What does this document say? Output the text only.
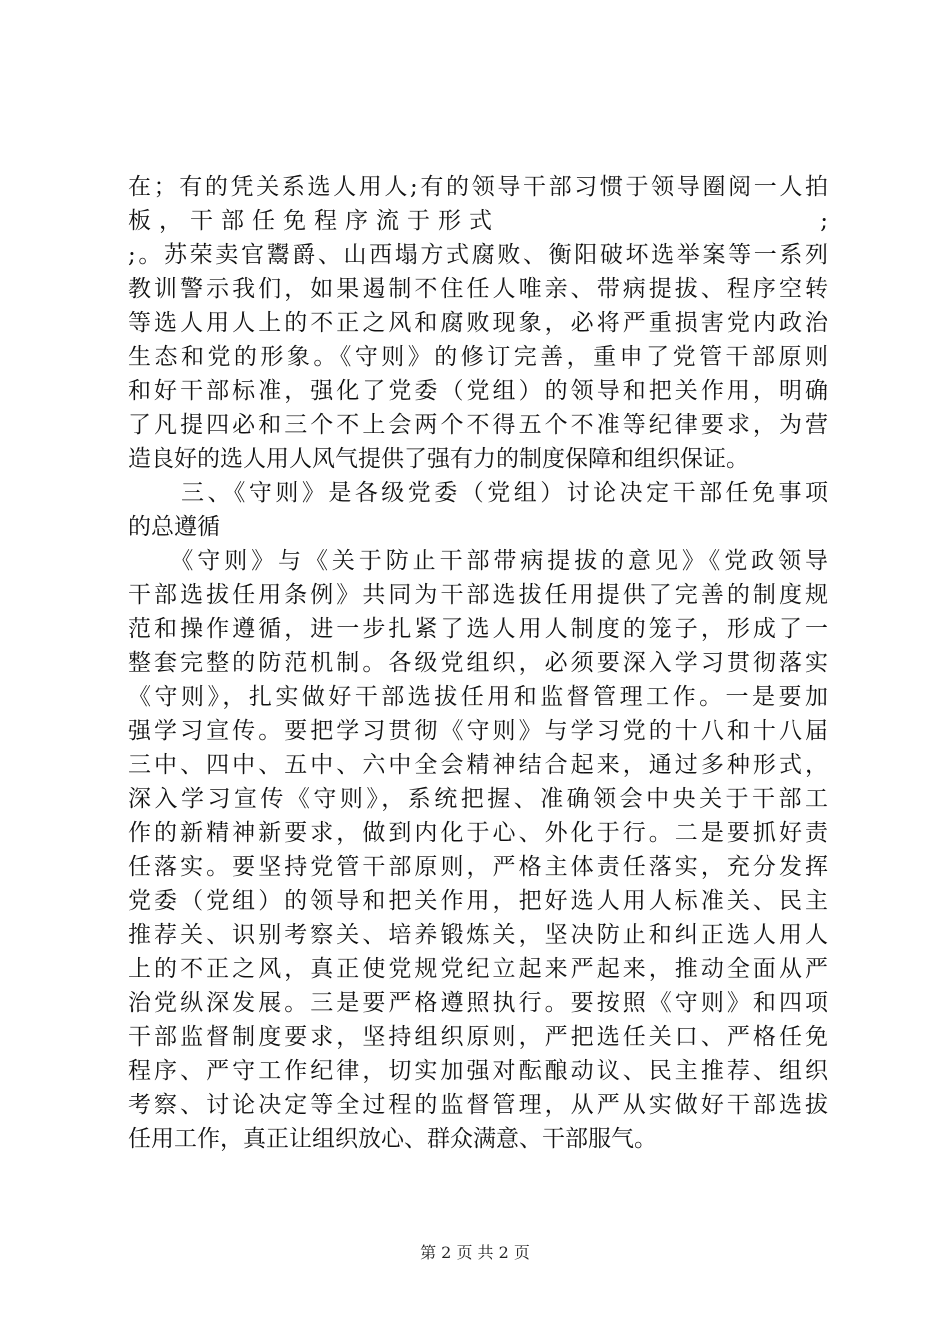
在；有的凭关系选人用人;有的领导干部习惯于领导圈阅一人拍
板，干部任免程序流于形式	;
;。苏荣卖官鬻爵、山西塌方式腐败、衡阳破坏选举案等一系列
教训警示我们，如果遏制不住任人唯亲、带病提拔、程序空转
等选人用人上的不正之风和腐败现象，必将严重损害党内政治
生态和党的形象。《守则》的修订完善，重申了党管干部原则
和好干部标准，强化了党委（党组）的领导和把关作用，明确
了凡提四必和三个不上会两个不得五个不准等纪律要求，为营
造良好的选人用人风气提供了强有力的制度保障和组织保证。
　　三、《守则》是各级党委（党组）讨论决定干部任免事项
的总遵循
　　《守则》与《关于防止干部带病提拔的意见》《党政领导
干部选拔任用条例》共同为干部选拔任用提供了完善的制度规
范和操作遵循，进一步扎紧了选人用人制度的笼子，形成了一
整套完整的防范机制。各级党组织，必须要深入学习贯彻落实
《守则》，扎实做好干部选拔任用和监督管理工作。一是要加
强学习宣传。要把学习贯彻《守则》与学习党的十八和十八届
三中、四中、五中、六中全会精神结合起来，通过多种形式，
深入学习宣传《守则》，系统把握、准确领会中央关于干部工
作的新精神新要求，做到内化于心、外化于行。二是要抓好责
任落实。要坚持党管干部原则，严格主体责任落实，充分发挥
党委（党组）的领导和把关作用，把好选人用人标准关、民主
推荐关、识别考察关、培养锻炼关，坚决防止和纠正选人用人
上的不正之风，真正使党规党纪立起来严起来，推动全面从严
治党纵深发展。三是要严格遵照执行。要按照《守则》和四项
干部监督制度要求，坚持组织原则，严把选任关口、严格任免
程序、严守工作纪律，切实加强对酝酿动议、民主推荐、组织
考察、讨论决定等全过程的监督管理，从严从实做好干部选拔
任用工作，真正让组织放心、群众满意、干部服气。
第 2 页 共 2 页
